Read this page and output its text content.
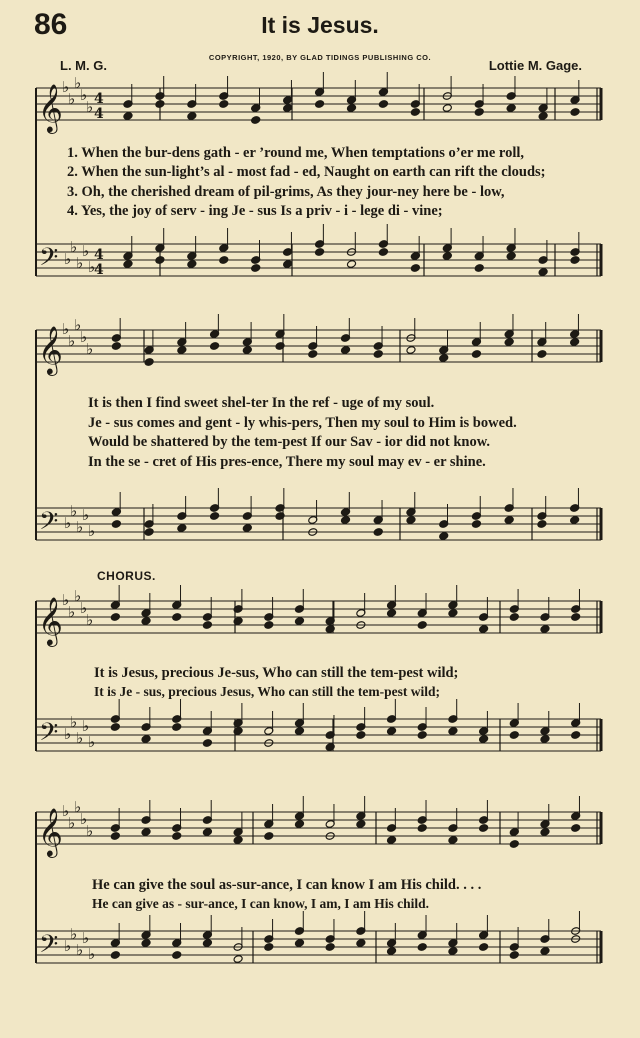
86	It is Jesus.
COPYRIGHT, 1920, BY GLAD TIDINGS PUBLISHING CO.
L. M. G.	Lottie M. Gage.
𝄞
𝄢
♭
♭
♭
♭
♭
♭
♭
♭
♭
♭
4
4
4
4
𝄞
𝄢
♭
♭
♭
♭
♭
♭
♭
♭
♭
♭
𝄞
𝄢
♭
♭
♭
♭
♭
♭
♭
♭
♭
♭
𝄞
𝄢
♭
♭
♭
♭
♭
♭
♭
♭
♭
♭
1. When the bur-dens gath - er ’round me, When temptations o’er me roll,
2. When the sun-light’s al - most fad - ed, Naught on earth can rift the clouds;
3. Oh, the cherished dream of pil-grims, As they jour-ney here be - low,
4. Yes, the joy of serv - ing Je - sus Is a priv - i - lege di - vine;
It is then I find sweet shel-ter In the ref - uge of my soul.
Je - sus comes and gent - ly whis-pers, Then my soul to Him is bowed.
Would be shattered by the tem-pest If our Sav - ior did not know.
In the se - cret of His pres-ence, There my soul may ev - er shine.
CHORUS.
It is Jesus, precious Je-sus, Who can still the tem-pest wild;
It is Je - sus, precious Jesus, Who can still the tem-pest wild;
He can give the soul as-sur-ance, I can know I am His child. . . .
He can give as - sur-ance, I can know, I am, I am His child.
